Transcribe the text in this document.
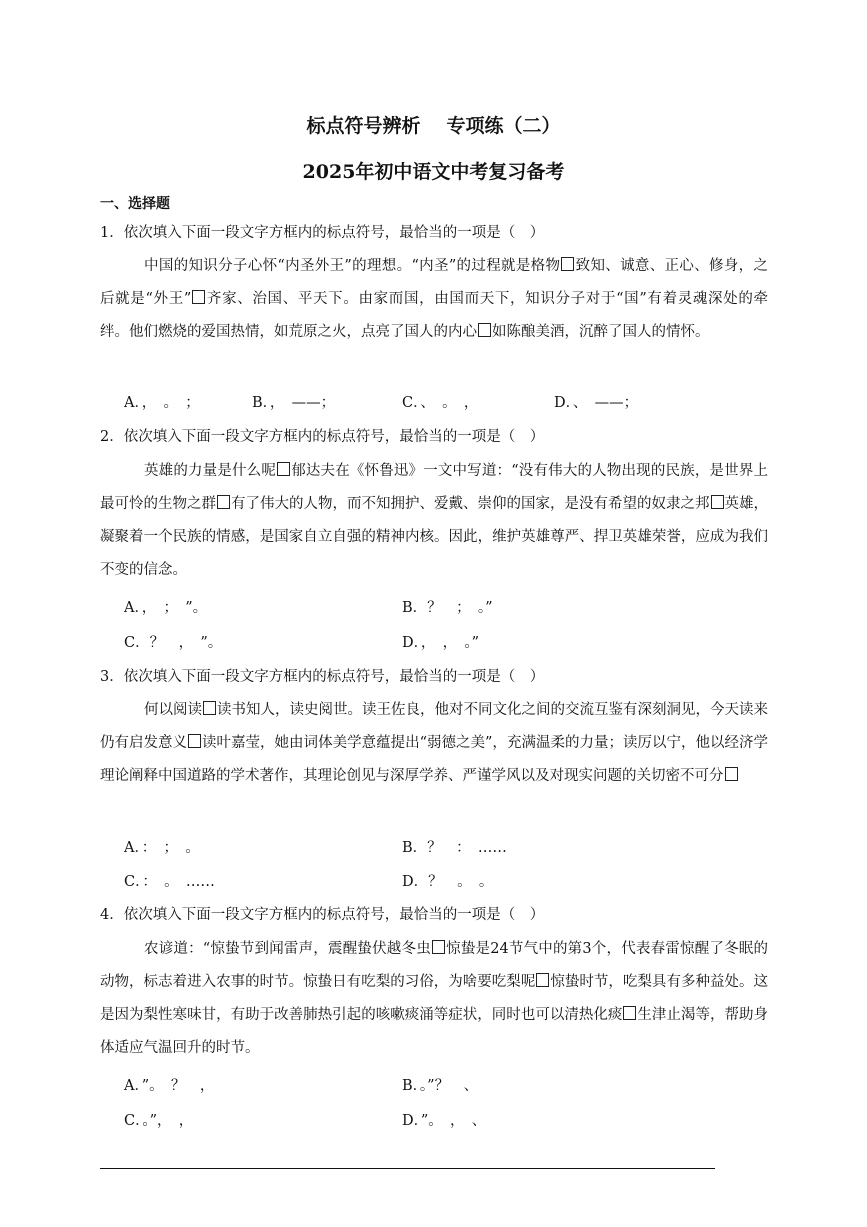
标点符号辨析 专项练（二）
2025年初中语文中考复习备考
一、选择题
1．依次填入下面一段文字方框内的标点符号，最恰当的一项是（　）
中国的知识分子心怀“内圣外王”的理想。“内圣”的过程就是格物 致知、诚意、正心、修身，之后就是“外王” 齐家、治国、平天下。由家而国，由国而天下，知识分子对于“国”有着灵魂深处的牵绊。他们燃烧的爱国热情，如荒原之火，点亮了国人的内心 如陈酿美酒，沉醉了国人的情怀。
A．，　。　；	B．，　——；	C．、　。　，	D．、　——；
2．依次填入下面一段文字方框内的标点符号，最恰当的一项是（　）
英雄的力量是什么呢 郁达夫在《怀鲁迅》一文中写道：“没有伟大的人物出现的民族，是世界上最可怜的生物之群 有了伟大的人物，而不知拥护、爱戴、崇仰的国家，是没有希望的奴隶之邦 英雄，凝聚着一个民族的情感，是国家自立自强的精神内核。因此，维护英雄尊严、捍卫英雄荣誉，应成为我们不变的信念。
A．，　；　”。	B．？　；　。”
C．？　，　”。	D．，　，　。”
3．依次填入下面一段文字方框内的标点符号，最恰当的一项是（　）
何以阅读 读书知人，读史阅世。读王佐良，他对不同文化之间的交流互鉴有深刻洞见，今天读来仍有启发意义 读叶嘉莹，她由词体美学意蕴提出“弱德之美”，充满温柔的力量；读厉以宁，他以经济学理论阐释中国道路的学术著作，其理论创见与深厚学养、严谨学风以及对现实问题的关切密不可分
A．：　；　。	B．？　：　……
C．：　。　……	D．？　。　。
4．依次填入下面一段文字方框内的标点符号，最恰当的一项是（　）
农谚道：“惊蛰节到闻雷声，震醒蛰伏越冬虫 惊蛰是24节气中的第3个，代表春雷惊醒了冬眠的动物，标志着进入农事的时节。惊蛰日有吃梨的习俗，为啥要吃梨呢 惊蛰时节，吃梨具有多种益处。这是因为梨性寒味甘，有助于改善肺热引起的咳嗽痰涌等症状，同时也可以清热化痰 生津止渴等，帮助身体适应气温回升的时节。
A．”。　？　，	B．。”？　、
C．。”，　，	D．”。　，　、
